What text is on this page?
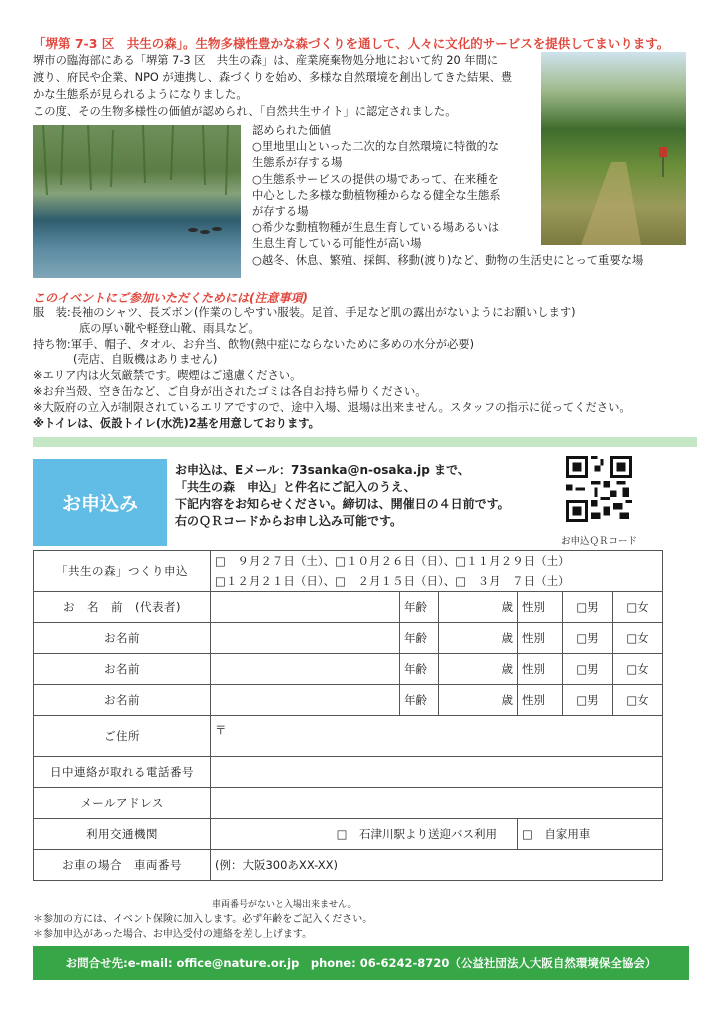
「堺第 7-3 区　共生の森」。生物多様性豊かな森づくりを通して、人々に文化的サービスを提供してまいります。

堺市の臨海部にある「堺第 7-3 区　共生の森」は、産業廃棄物処分地において約 20 年間に

渡り、府民や企業、NPO が連携し、森づくりを始め、多様な自然環境を創出してきた結果、豊

かな生態系が見られるようになりました。

この度、その生物多様性の価値が認められ、「自然共生サイト」に認定されました。

認められた価値
○里地里山といった二次的な自然環境に特徴的な
生態系が存する場
○生態系サービスの提供の場であって、在来種を
中心とした多様な動植物種からなる健全な生態系
が存する場
○希少な動植物種が生息生育している場あるいは
生息生育している可能性が高い場
○越冬、休息、繁殖、採餌、移動(渡り)など、動物の生活史にとって重要な場
このイベントにご参加いただくためには(注意事項)
服　装:長袖のシャツ、長ズボン(作業のしやすい服装。足首、手足など肌の露出がないようにお願いします)
底の厚い靴や軽登山靴、雨具など。
持ち物:軍手、帽子、タオル、お弁当、飲物(熱中症にならないために多めの水分が必要)
(売店、自販機はありません)
※エリア内は火気厳禁です。喫煙はご遠慮ください。
※お弁当殻、空き缶など、ご自身が出されたゴミは各自お持ち帰りください。
※大阪府の立入が制限されているエリアですので、途中入場、退場は出来ません。スタッフの指示に従ってください。
※トイレは、仮設トイレ(水洗)2基を用意しております。
お申込み
お申込は、Eメール：73sanka@n-osaka.jp まで、
「共生の森　申込」と件名にご記入のうえ、
下記内容をお知らせください。締切は、開催日の４日前です。
右のＱＲコードからお申し込み可能です。
お申込ＱＲコード
「共生の森」つくり申込	□　９月２７日（土）、□１０月２６日（日）、□１１月２９日（土）
□１２月２１日（日）、□　２月１５日（日）、□　３月　７日（土）					

お　名　前　(代表者)		年齢	歳	性別	□男	□女
お名前		年齢	歳	性別	□男	□女
お名前		年齢	歳	性別	□男	□女
お名前		年齢	歳	性別	□男	□女
ご住所	〒					
日中連絡が取れる電話番号						
メールアドレス						
利用交通機関	□　石津川駅より送迎バス利用			□　自家用車		
お車の場合　車両番号	(例：大阪300あXX-XX)					
車両番号がないと入場出来ません。
＊参加の方には、イベント保険に加入します。必ず年齢をご記入ください。
＊参加申込があった場合、お申込受付の連絡を差し上げます。
お問合せ先:e-mail: office@nature.or.jp　phone: 06-6242-8720（公益社団法人大阪自然環境保全協会）
